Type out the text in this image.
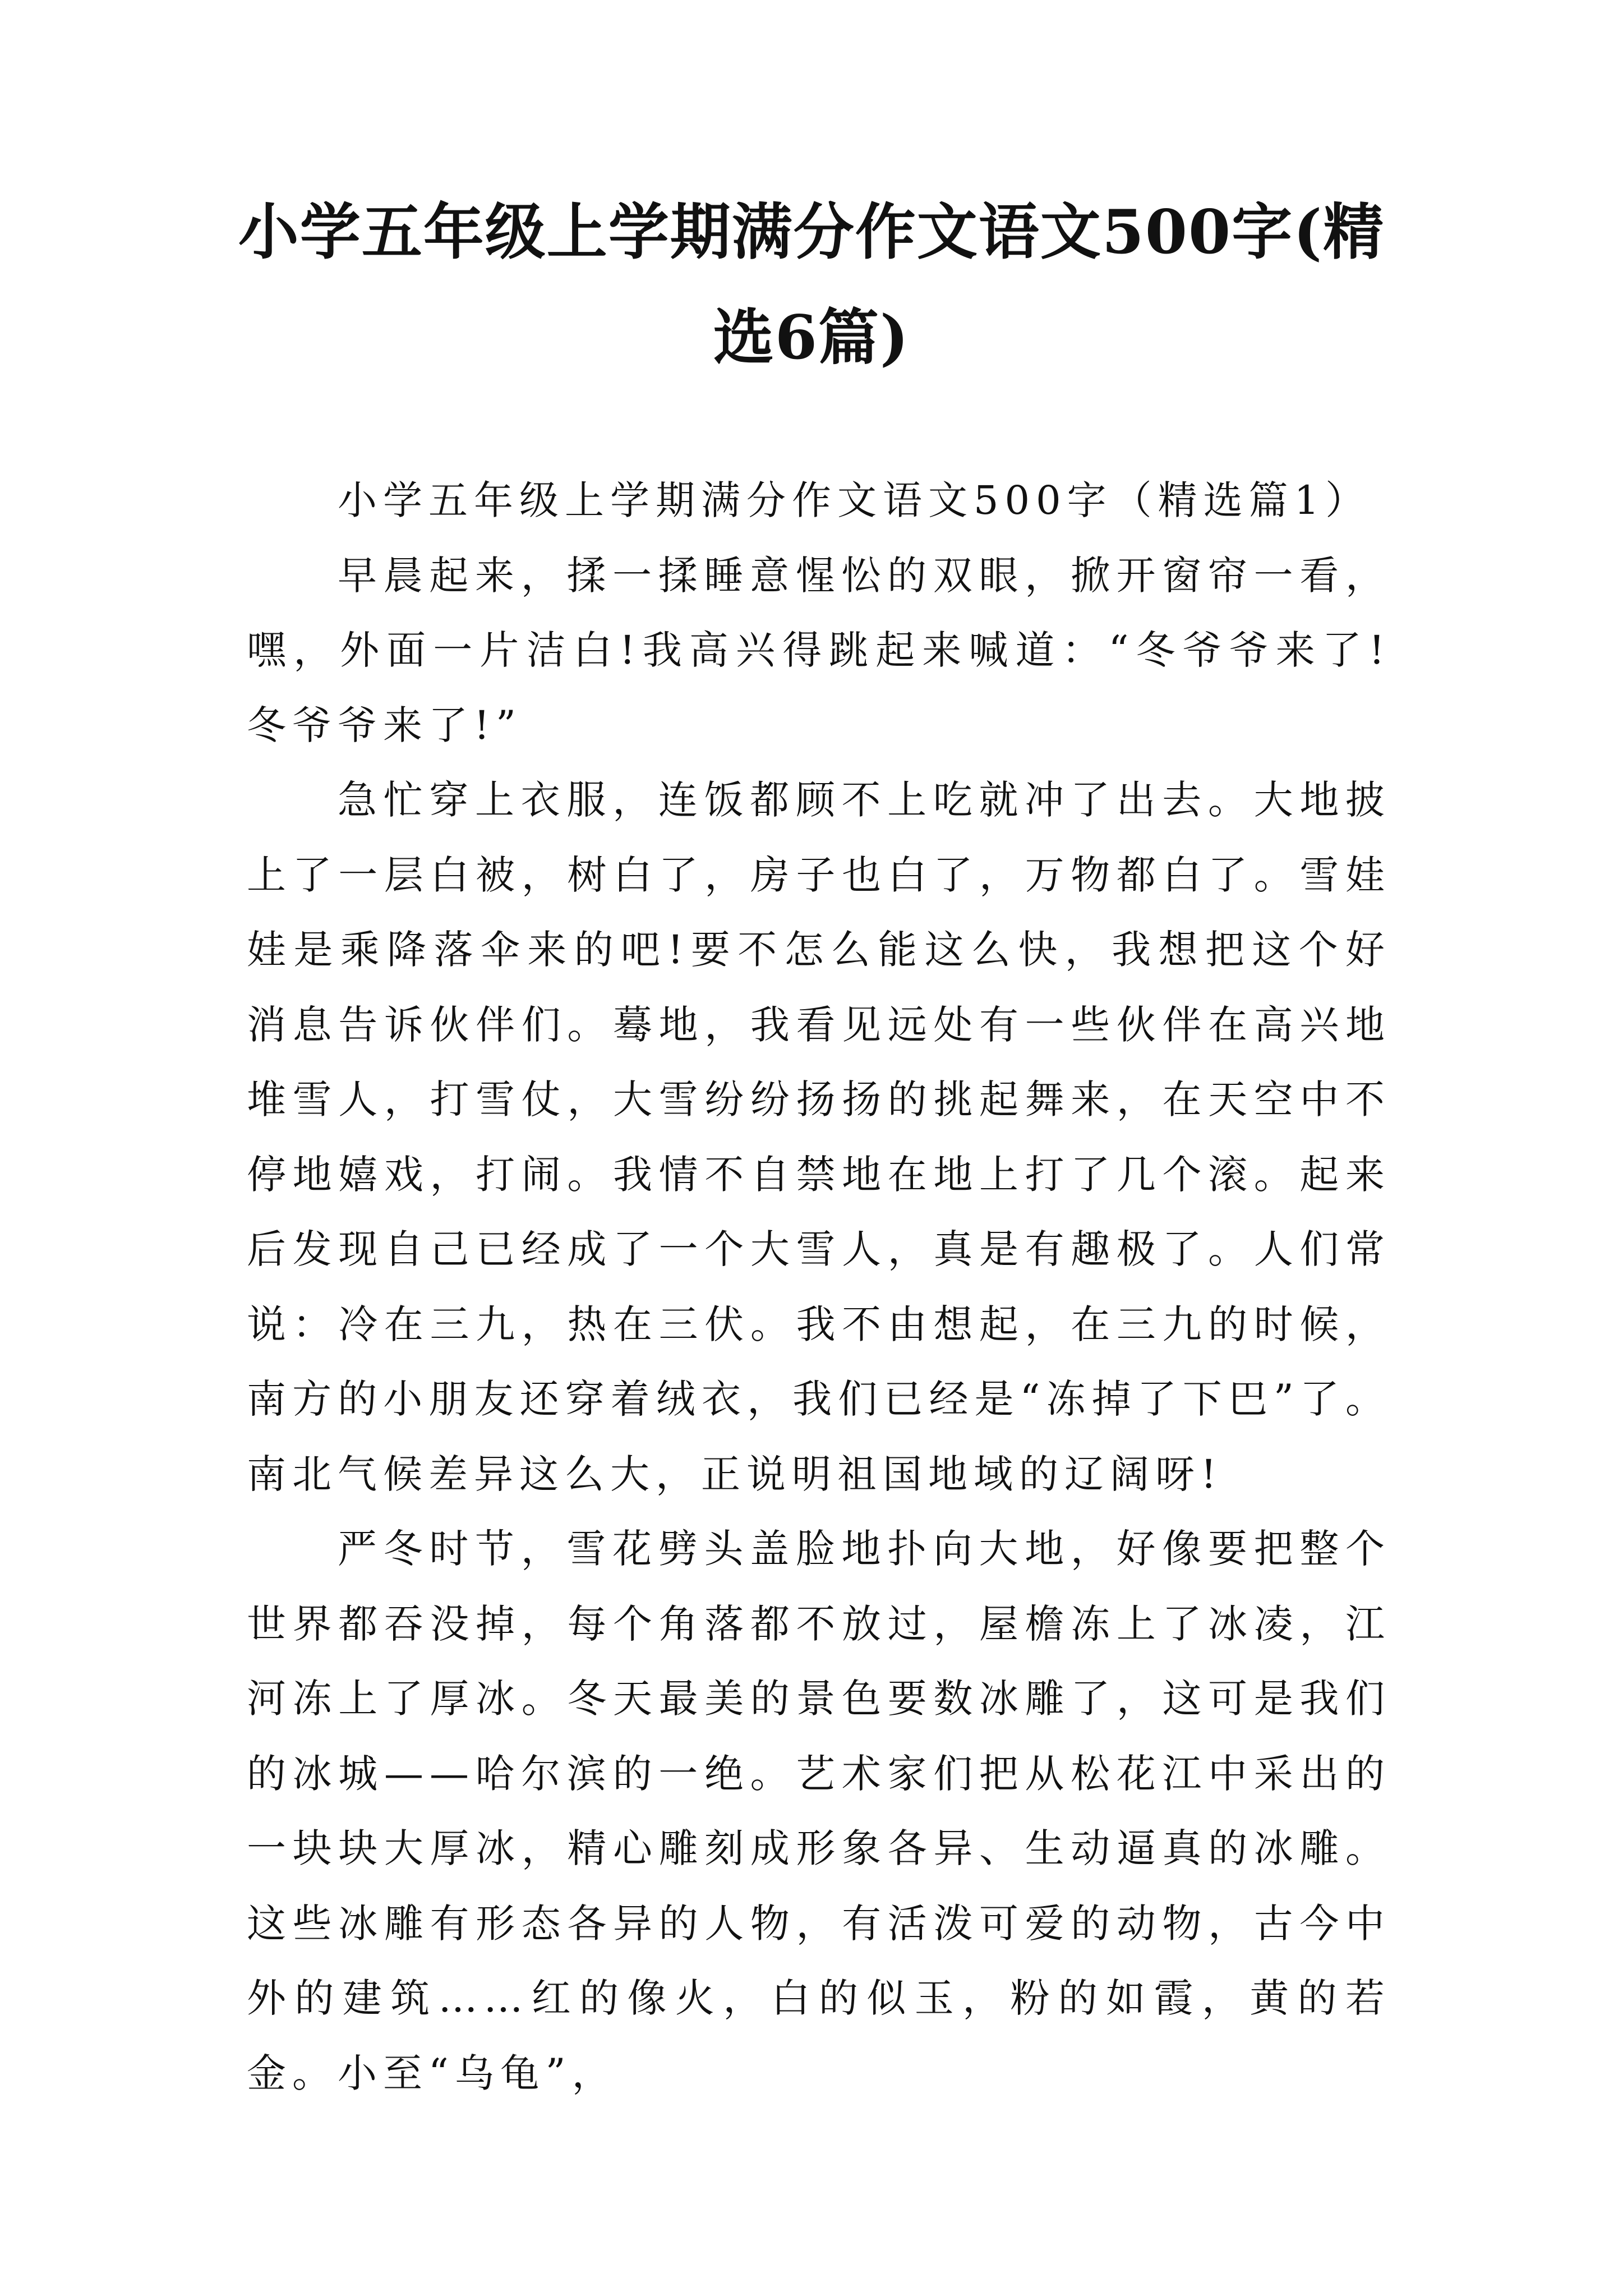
小学五年级上学期满分作文语文500字(精选6篇)

小学五年级上学期满分作文语文500字（精选篇1）

早晨起来，揉一揉睡意惺忪的双眼，掀开窗帘一看，嘿，外面一片洁白!我高兴得跳起来喊道：“冬爷爷来了!冬爷爷来了!”

急忙穿上衣服，连饭都顾不上吃就冲了出去。大地披上了一层白被，树白了，房子也白了，万物都白了。雪娃娃是乘降落伞来的吧!要不怎么能这么快，我想把这个好消息告诉伙伴们。蓦地，我看见远处有一些伙伴在高兴地堆雪人，打雪仗，大雪纷纷扬扬的挑起舞来，在天空中不停地嬉戏，打闹。我情不自禁地在地上打了几个滚。起来后发现自己已经成了一个大雪人，真是有趣极了。人们常说：冷在三九，热在三伏。我不由想起，在三九的时候，南方的小朋友还穿着绒衣，我们已经是“冻掉了下巴”了。南北气候差异这么大，正说明祖国地域的辽阔呀!

严冬时节，雪花劈头盖脸地扑向大地，好像要把整个世界都吞没掉，每个角落都不放过，屋檐冻上了冰凌，江河冻上了厚冰。冬天最美的景色要数冰雕了，这可是我们的冰城——哈尔滨的一绝。艺术家们把从松花江中采出的一块块大厚冰，精心雕刻成形象各异、生动逼真的冰雕。这些冰雕有形态各异的人物，有活泼可爱的动物，古今中外的建筑……红的像火，白的似玉，粉的如霞，黄的若金。小至“乌龟”，
